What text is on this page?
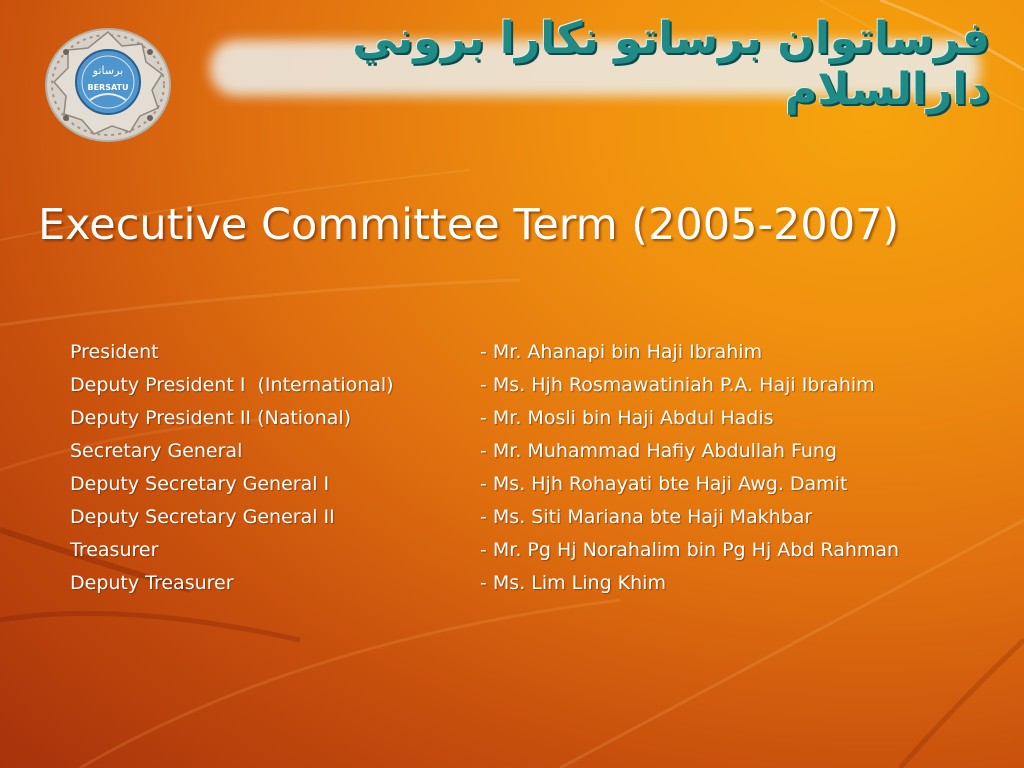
برساتو
BERSATU
فرساتوان برساتو نكارا بروني دارالسلام
Executive Committee Term (2005-2007)
President	- Mr. Ahanapi bin Haji Ibrahim
Deputy President I  (International)	- Ms. Hjh Rosmawatiniah P.A. Haji Ibrahim
Deputy President II (National)	- Mr. Mosli bin Haji Abdul Hadis
Secretary General	- Mr. Muhammad Hafiy Abdullah Fung
Deputy Secretary General I	- Ms. Hjh Rohayati bte Haji Awg. Damit
Deputy Secretary General II	- Ms. Siti Mariana bte Haji Makhbar
Treasurer	- Mr. Pg Hj Norahalim bin Pg Hj Abd Rahman
Deputy Treasurer	- Ms. Lim Ling Khim
